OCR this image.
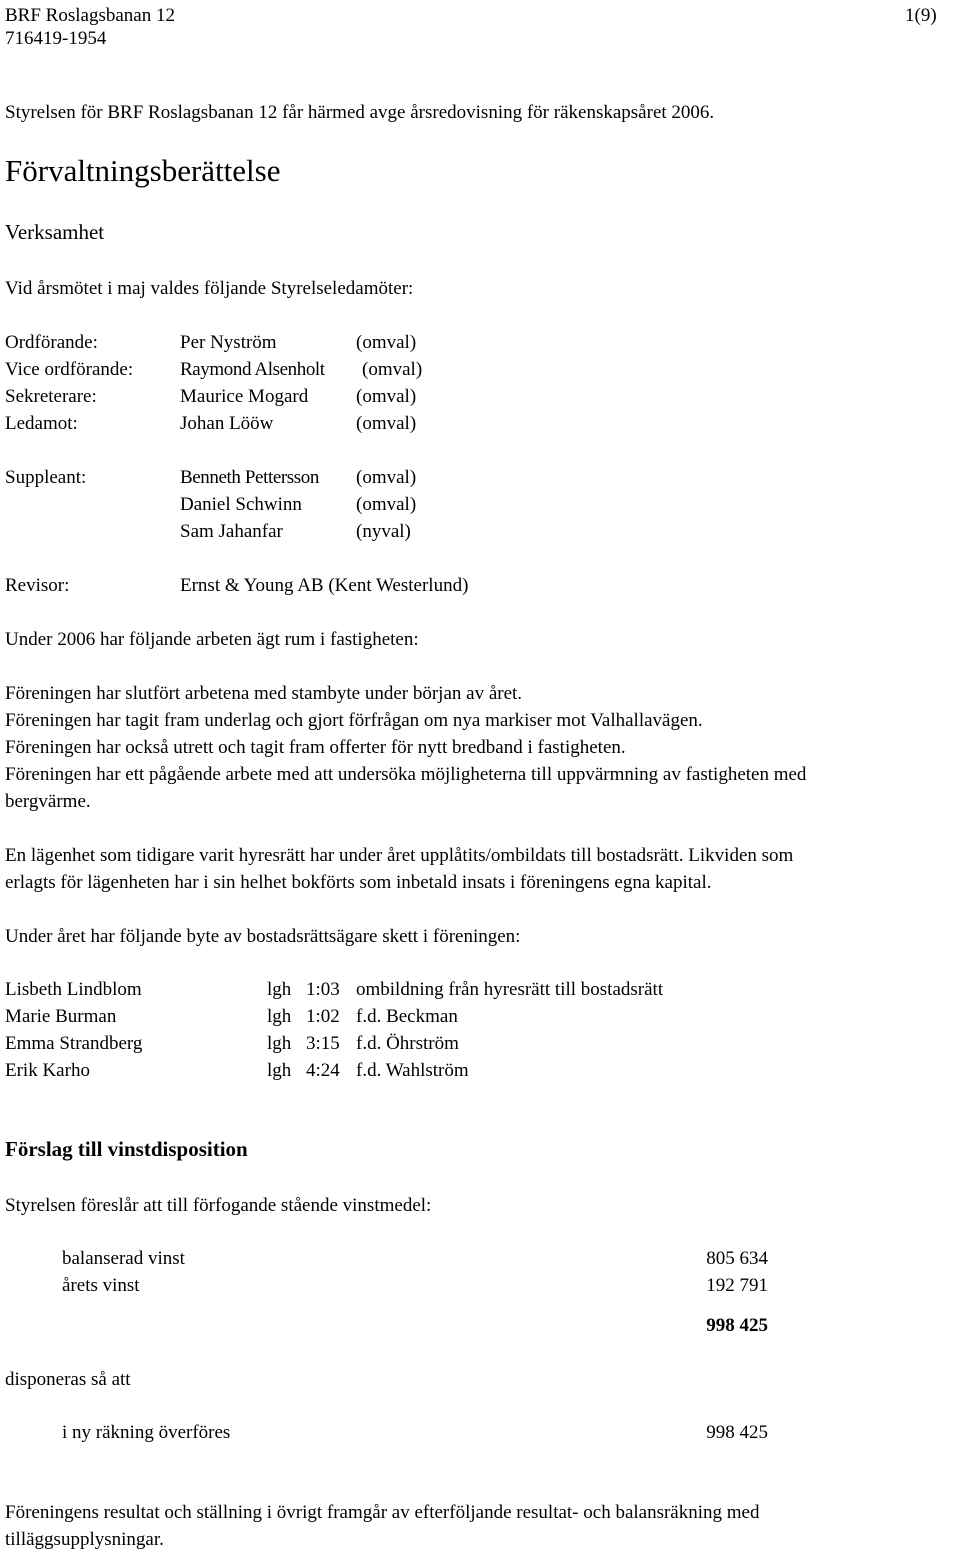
BRF Roslagsbanan 12
716419-1954
1(9)
Styrelsen för BRF Roslagsbanan 12 får härmed avge årsredovisning för räkenskapsåret 2006.
Förvaltningsberättelse
Verksamhet
Vid årsmötet i maj valdes följande Styrelseledamöter:
Ordförande:	Per Nyström	(omval)
Vice ordförande: Raymond Alsenholt (omval)
Sekreterare:	Maurice Mogard	(omval)
Ledamot:	Johan Lööw	(omval)
Suppleant:	Benneth Pettersson (omval)
Daniel Schwinn	(omval)
Sam Jahanfar	(nyval)
Revisor:	Ernst & Young AB (Kent Westerlund)
Under 2006 har följande arbeten ägt rum i fastigheten:
Föreningen har slutfört arbetena med stambyte under början av året.
Föreningen har tagit fram underlag och gjort förfrågan om nya markiser mot Valhallavägen.
Föreningen har också utrett och tagit fram offerter för nytt bredband i fastigheten.
Föreningen har ett pågående arbete med att undersöka möjligheterna till uppvärmning av fastigheten med
bergvärme.
En lägenhet som tidigare varit hyresrätt har under året upplåtits/ombildats till bostadsrätt. Likviden som
erlagts för lägenheten har i sin helhet bokförts som inbetald insats i föreningens egna kapital.
Under året har följande byte av bostadsrättsägare skett i föreningen:
Lisbeth Lindblom	lgh 1:03 ombildning från hyresrätt till bostadsrätt
Marie Burman	lgh 1:02 f.d. Beckman
Emma Strandberg	lgh 3:15 f.d. Öhrström
Erik Karho	lgh 4:24 f.d. Wahlström
Förslag till vinstdisposition
Styrelsen föreslår att till förfogande stående vinstmedel:
balanserad vinst	805 634
årets vinst	192 791
998 425
disponeras så att
i ny räkning överföres	998 425
Föreningens resultat och ställning i övrigt framgår av efterföljande resultat- och balansräkning med
tilläggsupplysningar.
